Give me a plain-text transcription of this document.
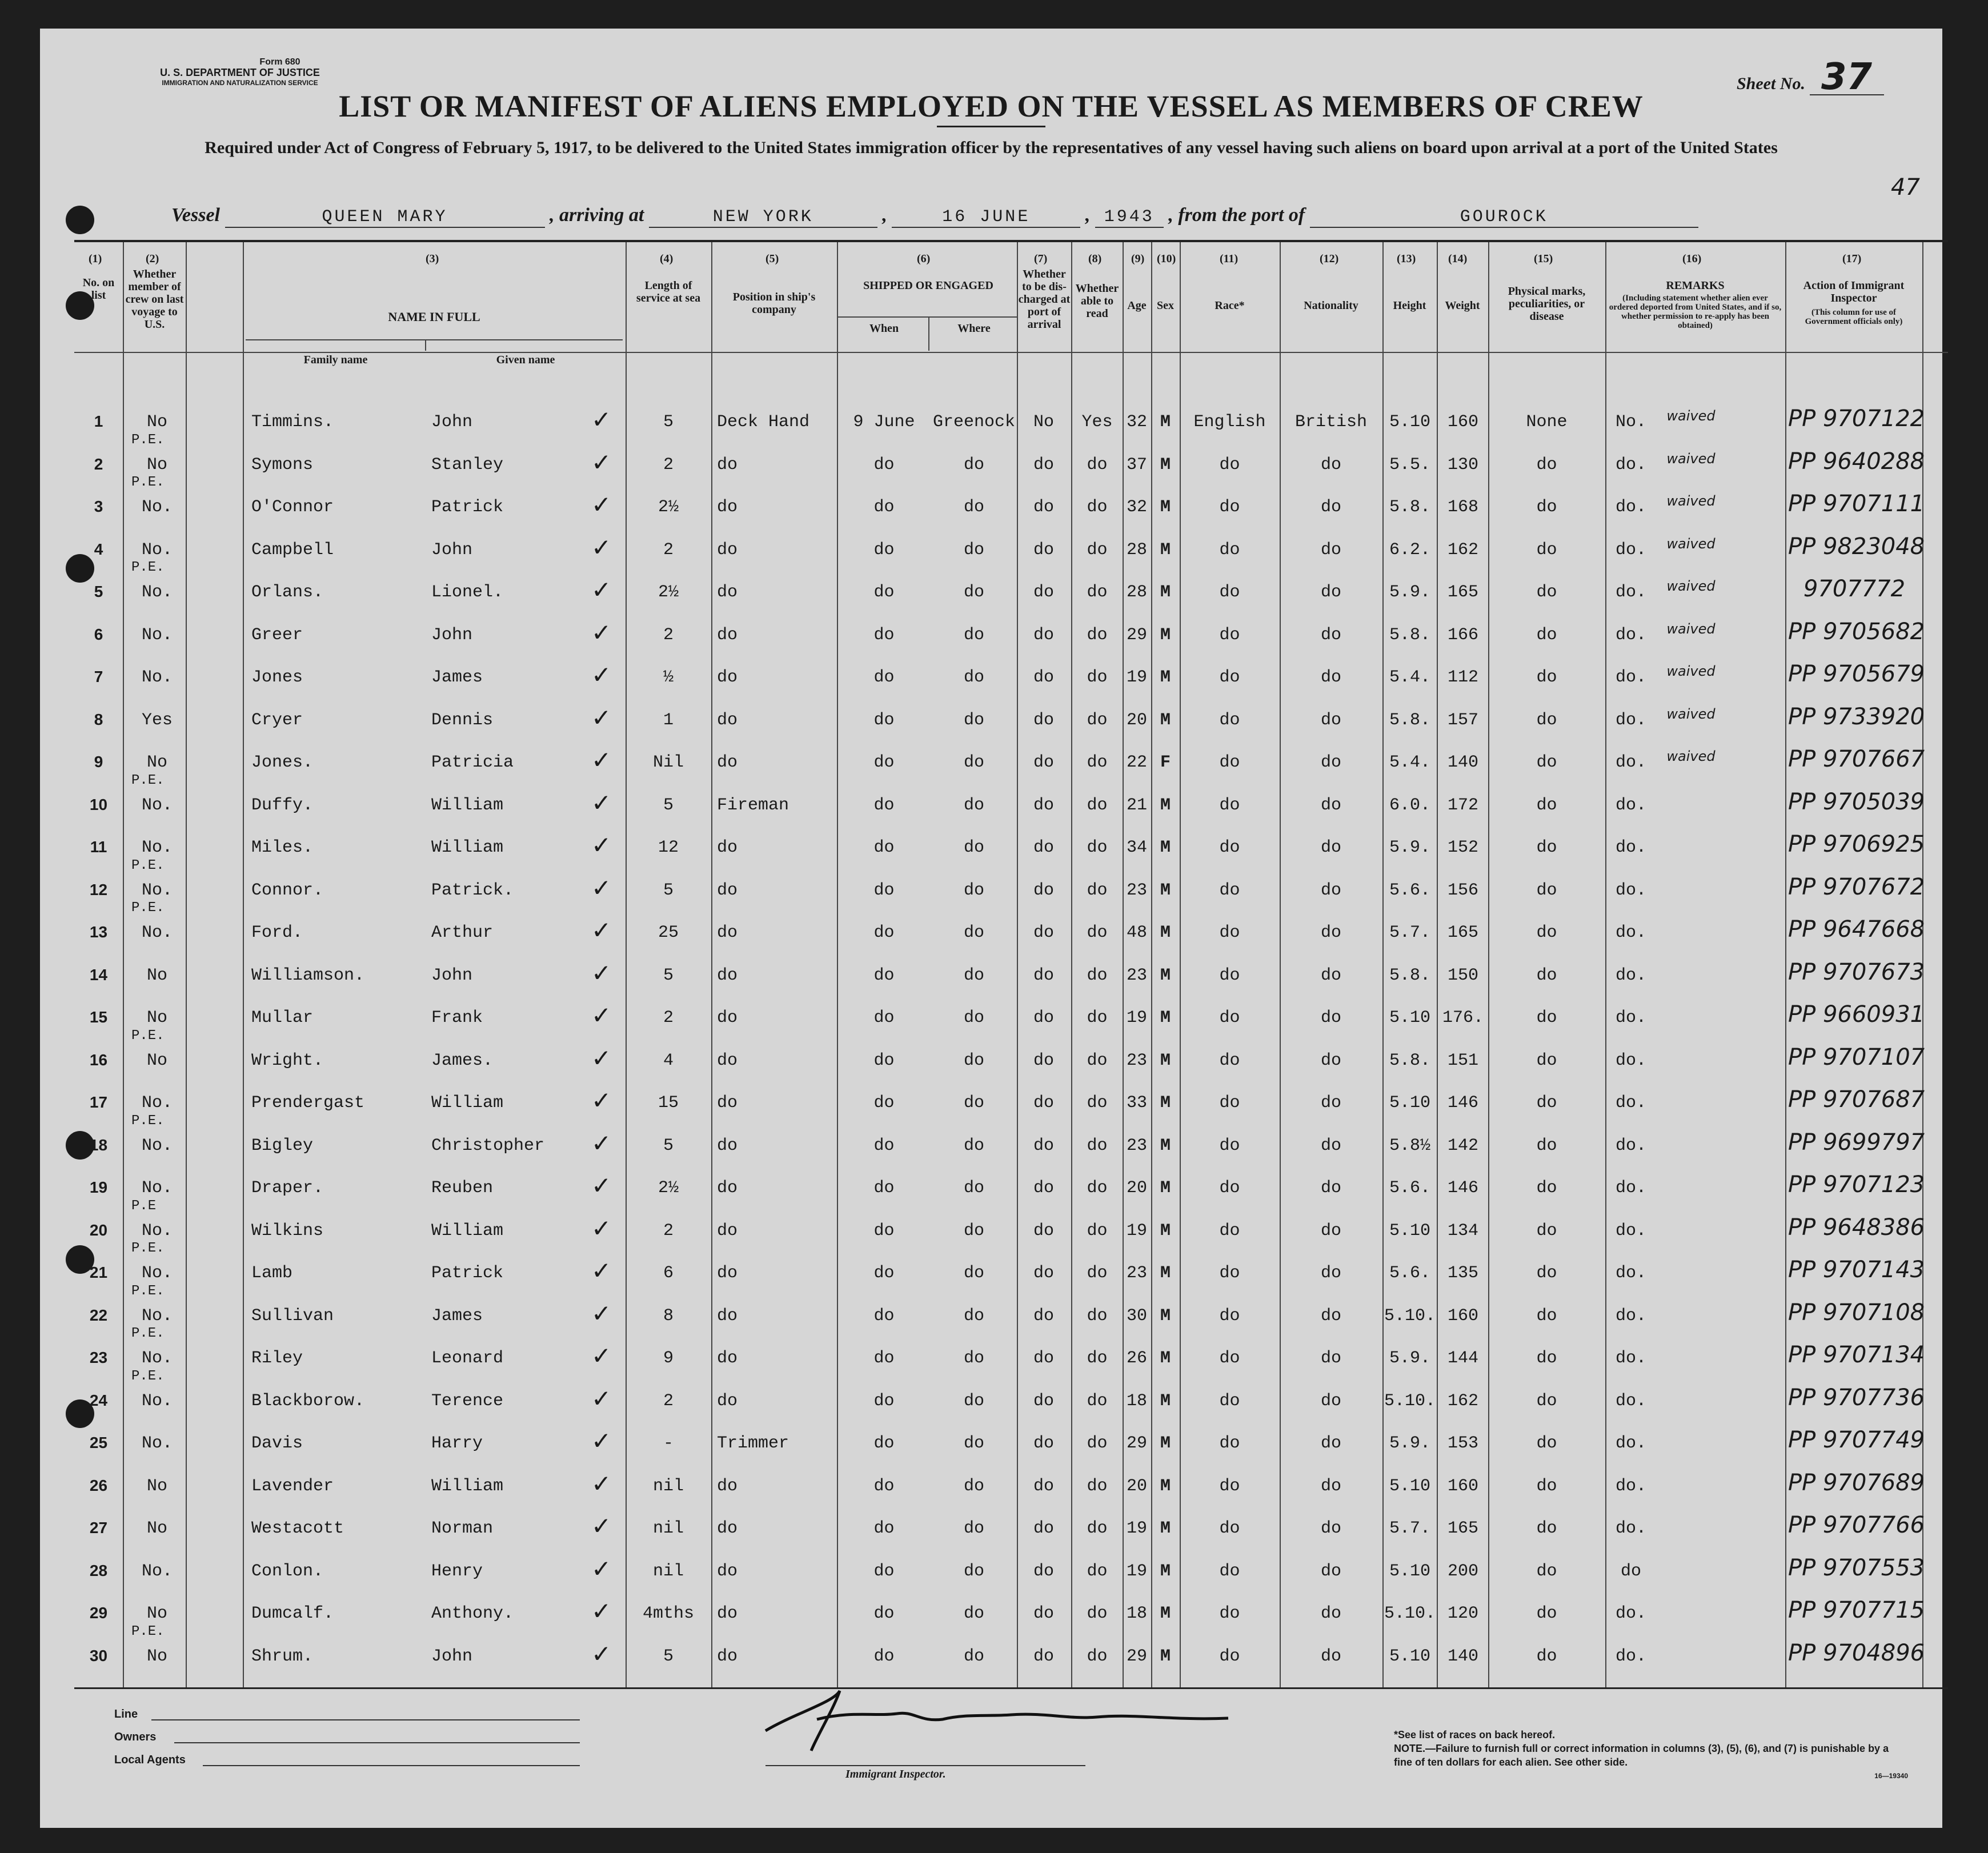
Form 680
U. S. DEPARTMENT OF JUSTICE
IMMIGRATION AND NATURALIZATION SERVICE	Sheet No. 37
LIST OR MANIFEST OF ALIENS EMPLOYED ON THE VESSEL AS MEMBERS OF CREW
Required under Act of Congress of February 5, 1917, to be delivered to the United States immigration officer by the representatives of any vessel having such aliens on board upon arrival at a port of the United States
47
Vessel	QUEEN MARY	, arriving at	NEW YORK	,	16 JUNE	, 1943 , from the port of	GOUROCK
(1)	(2)	(3)	(4)	(5)	(6)	(7)	(8)	(9) (10)	(11)	(12)	(13)	(14)	(15)	(16)	(17)
No. on list
Whether member of crew on last voyage to U.S.
NAME IN FULL
Family name	Given name
Length of service at sea	Position in ship's company
SHIPPED OR ENGAGED
When	Where
Whether to be dis-charged at port of arrival
Whether able to read
Age Sex	Race*	Nationality	Height	Weight
Physical marks, peculiarities, or disease
REMARKS
(Including statement whether alien ever ordered deported from United States, and if so, whether permission to re-apply has been obtained)
Action of Immigrant Inspector
(This column for use of Government officials only)
1	No	Timmins.	John	5	Deck Hand	9 June	Greenock	No	Yes 32 M	English	British	5.10 160	None	No.	waived	PP 9707122
✓
P.E.
2	No	Symons	Stanley	2	do	do	do	do	do	37 M	do	do	5.5. 130	do	do.	waived	PP 9640288
✓
P.E.
3	No.	O'Connor	Patrick	2½	do	do	do	do	do	32 M	do	do	5.8. 168	do	do.	waived	PP 9707111
✓
4	No.	Campbell	John	2	do	do	do	do	do	28 M	do	do	6.2. 162	do	do.	waived	PP 9823048
✓
P.E.
5	No.	Orlans.	Lionel.	2½	do	do	do	do	do	28 M	do	do	5.9. 165	do	do.	waived	9707772
✓
6	No.	Greer	John	2	do	do	do	do	do	29 M	do	do	5.8. 166	do	do.	waived	PP 9705682
✓
7	No.	Jones	James	½	do	do	do	do	do	19 M	do	do	5.4. 112	do	do.	waived	PP 9705679
✓
8	Yes	Cryer	Dennis	1	do	do	do	do	do	20 M	do	do	5.8. 157	do	do.	waived	PP 9733920
✓
9	No	Jones.	Patricia	Nil	do	do	do	do	do	22 F	do	do	5.4. 140	do	do.	waived	PP 9707667
✓
P.E.
10	No.	Duffy.	William	5	Fireman	do	do	do	do	21 M	do	do	6.0. 172	do	do.	PP 9705039
✓
11	No.	Miles.	William	12	do	do	do	do	do	34 M	do	do	5.9. 152	do	do.	PP 9706925
✓
P.E.
12	No.	Connor.	Patrick.	5	do	do	do	do	do	23 M	do	do	5.6. 156	do	do.	PP 9707672
✓
P.E.
13	No.	Ford.	Arthur	25	do	do	do	do	do	48 M	do	do	5.7. 165	do	do.	PP 9647668
✓
14	No	Williamson.	John	5	do	do	do	do	do	23 M	do	do	5.8. 150	do	do.	PP 9707673
✓
15	No	Mullar	Frank	2	do	do	do	do	do	19 M	do	do	5.10 176.	do	do.	PP 9660931
✓
P.E.
16	No	Wright.	James.	4	do	do	do	do	do	23 M	do	do	5.8. 151	do	do.	PP 9707107
✓
17	No.	Prendergast	William	15	do	do	do	do	do	33 M	do	do	5.10 146	do	do.	PP 9707687
✓
P.E.
18	No.	Bigley	Christopher	5	do	do	do	do	do	23 M	do	do	5.8½ 142	do	do.	PP 9699797
✓
19	No.	Draper.	Reuben	2½	do	do	do	do	do	20 M	do	do	5.6. 146	do	do.	PP 9707123
✓
P.E
20	No.	Wilkins	William	2	do	do	do	do	do	19 M	do	do	5.10 134	do	do.	PP 9648386
✓
P.E.
21	No.	Lamb	Patrick	6	do	do	do	do	do	23 M	do	do	5.6. 135	do	do.	PP 9707143
✓
P.E.
22	No.	Sullivan	James	8	do	do	do	do	do	30 M	do	do	5.10. 160	do	do.	PP 9707108
✓
P.E.
23	No.	Riley	Leonard	9	do	do	do	do	do	26 M	do	do	5.9. 144	do	do.	PP 9707134
✓
P.E.
24	No.	Blackborow.	Terence	2	do	do	do	do	do	18 M	do	do	5.10. 162	do	do.	PP 9707736
✓
25	No.	Davis	Harry	-	Trimmer	do	do	do	do	29 M	do	do	5.9. 153	do	do.	PP 9707749
✓
26	No	Lavender	William	nil	do	do	do	do	do	20 M	do	do	5.10 160	do	do.	PP 9707689
✓
27	No	Westacott	Norman	nil	do	do	do	do	do	19 M	do	do	5.7. 165	do	do.	PP 9707766
✓
28	No.	Conlon.	Henry	nil	do	do	do	do	do	19 M	do	do	5.10 200	do	do	PP 9707553
✓
29	No	Dumcalf.	Anthony.	4mths	do	do	do	do	do	18 M	do	do	5.10. 120	do	do.	PP 9707715
✓
P.E.
30	No	Shrum.	John	5	do	do	do	do	do	29 M	do	do	5.10 140	do	do.	PP 9704896
✓
Line
Owners
Local Agents
Immigrant Inspector.
*See list of races on back hereof.
NOTE.—Failure to furnish full or correct information in columns (3), (5), (6), and (7) is punishable by a fine of ten dollars for each alien. See other side.
16—19340
